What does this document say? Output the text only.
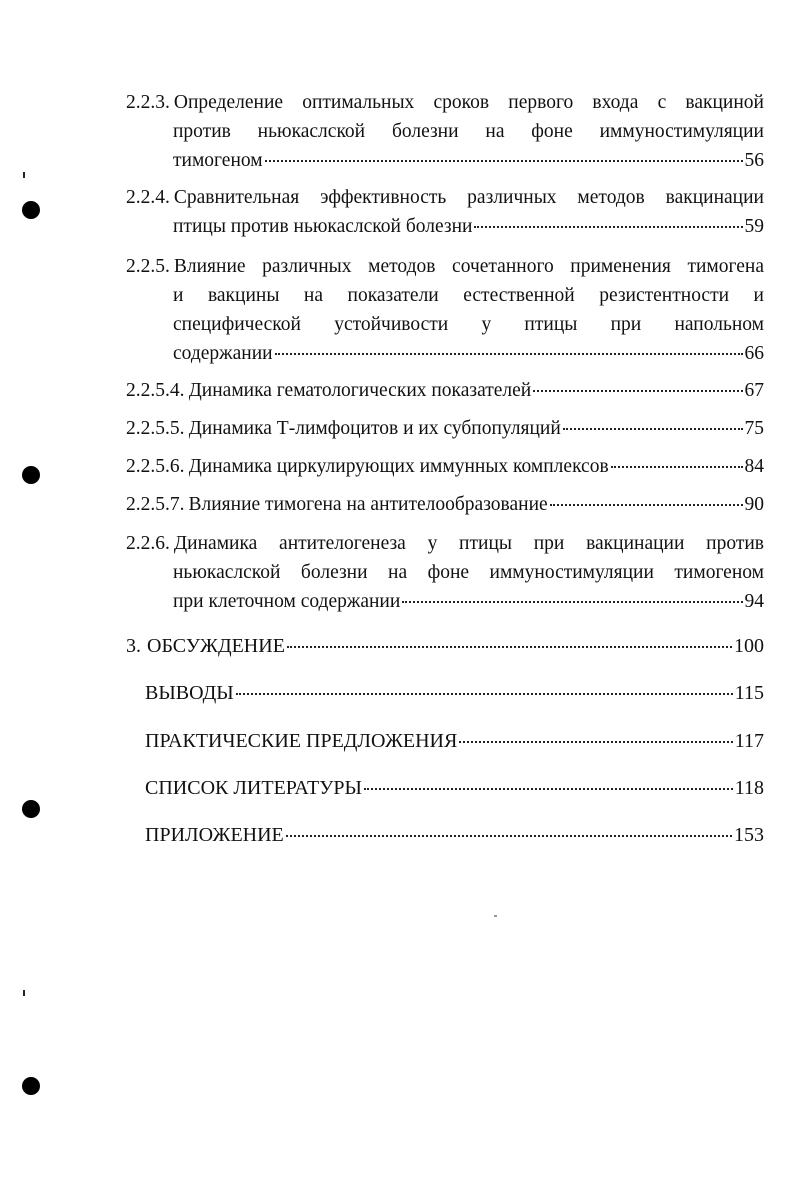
2.2.3. Определение оптимальных сроков первого входа с вакциной
против ньюкаслской болезни на фоне иммуностимуляции
тимогеном	56
2.2.4. Сравнительная эффективность различных методов вакцинации
птицы против ньюкаслской болезни	59
2.2.5. Влияние различных методов сочетанного применения тимогена
и вакцины на показатели естественной резистентности и
специфической устойчивости у птицы при напольном
содержании	66
2.2.5.4. Динамика гематологических показателей	67
2.2.5.5. Динамика Т-лимфоцитов и их субпопуляций	75
2.2.5.6. Динамика циркулирующих иммунных комплексов	84
2.2.5.7. Влияние тимогена на антителообразование	90
2.2.6. Динамика антителогенеза у птицы при вакцинации против
ньюкаслской болезни на фоне иммуностимуляции тимогеном
при клеточном содержании	94
3. ОБСУЖДЕНИЕ	100
ВЫВОДЫ	115
ПРАКТИЧЕСКИЕ ПРЕДЛОЖЕНИЯ	117
СПИСОК ЛИТЕРАТУРЫ	118
ПРИЛОЖЕНИЕ	153
